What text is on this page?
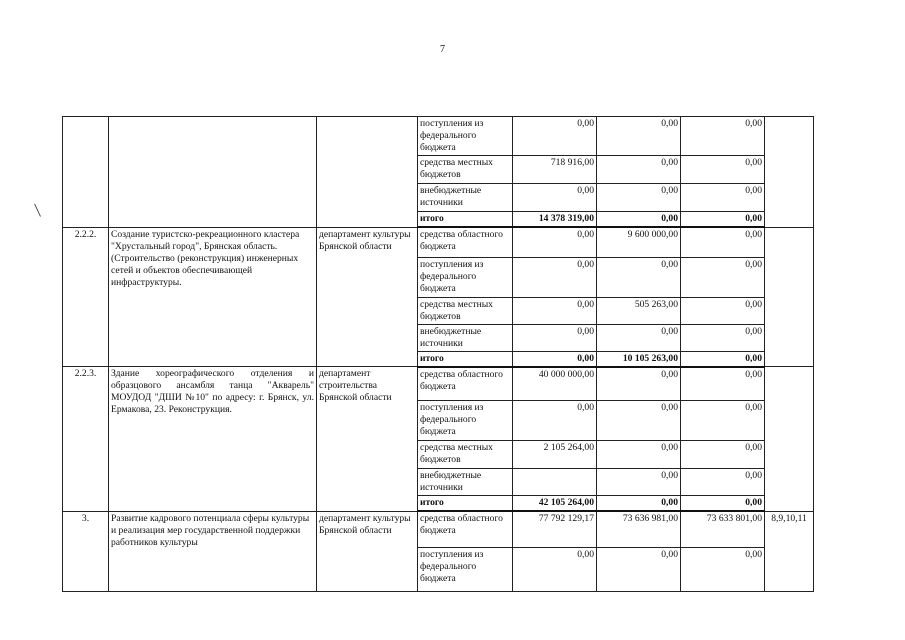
7
			поступления из федерального бюджета	0,00	0,00	0,00	
			средства местных бюджетов	718 916,00	0,00	0,00	
			внебюджетные источники	0,00	0,00	0,00	
			итого	14 378 319,00	0,00	0,00	
2.2.2.	Создание туристско-рекреационного кластера "Хрустальный город", Брянская область. (Строительство (реконструкция) инженерных сетей и объектов обеспечивающей инфраструктуры.	департамент культуры Брянской области	средства областного бюджета	0,00	9 600 000,00	0,00	
			поступления из федерального бюджета	0,00	0,00	0,00	
			средства местных бюджетов	0,00	505 263,00	0,00	
			внебюджетные источники	0,00	0,00	0,00	
			итого	0,00	10 105 263,00	0,00	
2.2.3.	Здание хореографического отделения и образцового ансамбля танца "Акварель" МОУДОД "ДШИ №10" по адресу: г. Брянск, ул. Ермакова, 23. Реконструкция.	департамент строительства Брянской области	средства областного бюджета	40 000 000,00	0,00	0,00	
			поступления из федерального бюджета	0,00	0,00	0,00	
			средства местных бюджетов	2 105 264,00	0,00	0,00	
			внебюджетные источники		0,00	0,00	
			итого	42 105 264,00	0,00	0,00	
3.	Развитие кадрового потенциала сферы культуры и реализация мер государственной поддержки работников культуры	департамент культуры Брянской области	средства областного бюджета	77 792 129,17	73 636 981,00	73 633 801,00	8,9,10,11
			поступления из федерального бюджета	0,00	0,00	0,00	
